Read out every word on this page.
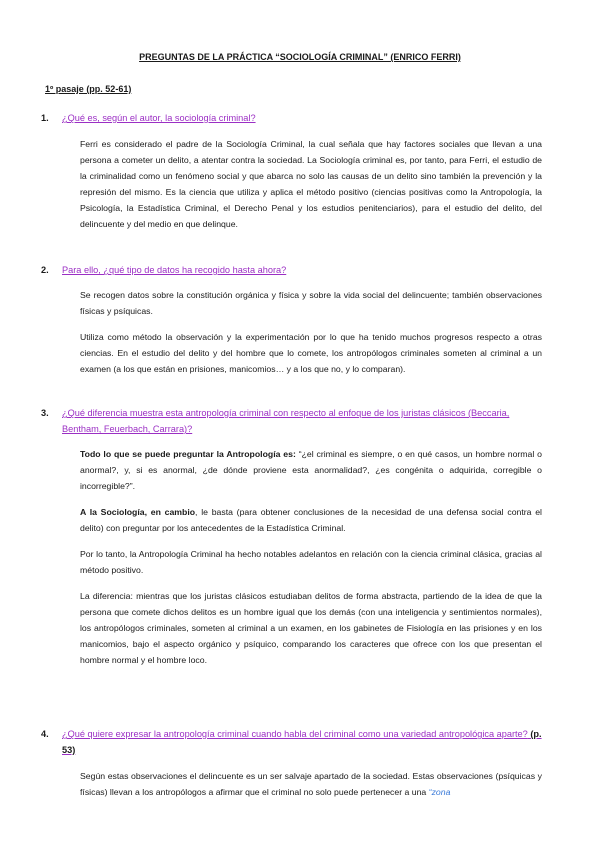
PREGUNTAS DE LA PRÁCTICA “SOCIOLOGÍA CRIMINAL” (ENRICO FERRI)
1º pasaje (pp. 52-61)
1. ¿Qué es, según el autor, la sociología criminal?
Ferri es considerado el padre de la Sociología Criminal, la cual señala que hay factores sociales que llevan a una persona a cometer un delito, a atentar contra la sociedad. La Sociología criminal es, por tanto, para Ferri, el estudio de la criminalidad como un fenómeno social y que abarca no solo las causas de un delito sino también la prevención y la represión del mismo. Es la ciencia que utiliza y aplica el método positivo (ciencias positivas como la Antropología, la Psicología, la Estadística Criminal, el Derecho Penal y los estudios penitenciarios), para el estudio del delito, del delincuente y del medio en que delinque.
2. Para ello, ¿qué tipo de datos ha recogido hasta ahora?
Se recogen datos sobre la constitución orgánica y física y sobre la vida social del delincuente; también observaciones físicas y psíquicas.
Utiliza como método la observación y la experimentación por lo que ha tenido muchos progresos respecto a otras ciencias. En el estudio del delito y del hombre que lo comete, los antropólogos criminales someten al criminal a un examen (a los que están en prisiones, manicomios… y a los que no, y lo comparan).
3. ¿Qué diferencia muestra esta antropología criminal con respecto al enfoque de los juristas clásicos (Beccaria, Bentham, Feuerbach, Carrara)?
Todo lo que se puede preguntar la Antropología es: “¿el criminal es siempre, o en qué casos, un hombre normal o anormal?, y, si es anormal, ¿de dónde proviene esta anormalidad?, ¿es congénita o adquirida, corregible o incorregible?”.
A la Sociología, en cambio, le basta (para obtener conclusiones de la necesidad de una defensa social contra el delito) con preguntar por los antecedentes de la Estadística Criminal.
Por lo tanto, la Antropología Criminal ha hecho notables adelantos en relación con la ciencia criminal clásica, gracias al método positivo.
La diferencia: mientras que los juristas clásicos estudiaban delitos de forma abstracta, partiendo de la idea de que la persona que comete dichos delitos es un hombre igual que los demás (con una inteligencia y sentimientos normales), los antropólogos criminales, someten al criminal a un examen, en los gabinetes de Fisiología en las prisiones y en los manicomios, bajo el aspecto orgánico y psíquico, comparando los caracteres que ofrece con los que presentan el hombre normal y el hombre loco.
4. ¿Qué quiere expresar la antropología criminal cuando habla del criminal como una variedad antropológica aparte? (p. 53)
Según estas observaciones el delincuente es un ser salvaje apartado de la sociedad. Estas observaciones (psíquicas y físicas) llevan a los antropólogos a afirmar que el criminal no solo puede pertenecer a una “zona
